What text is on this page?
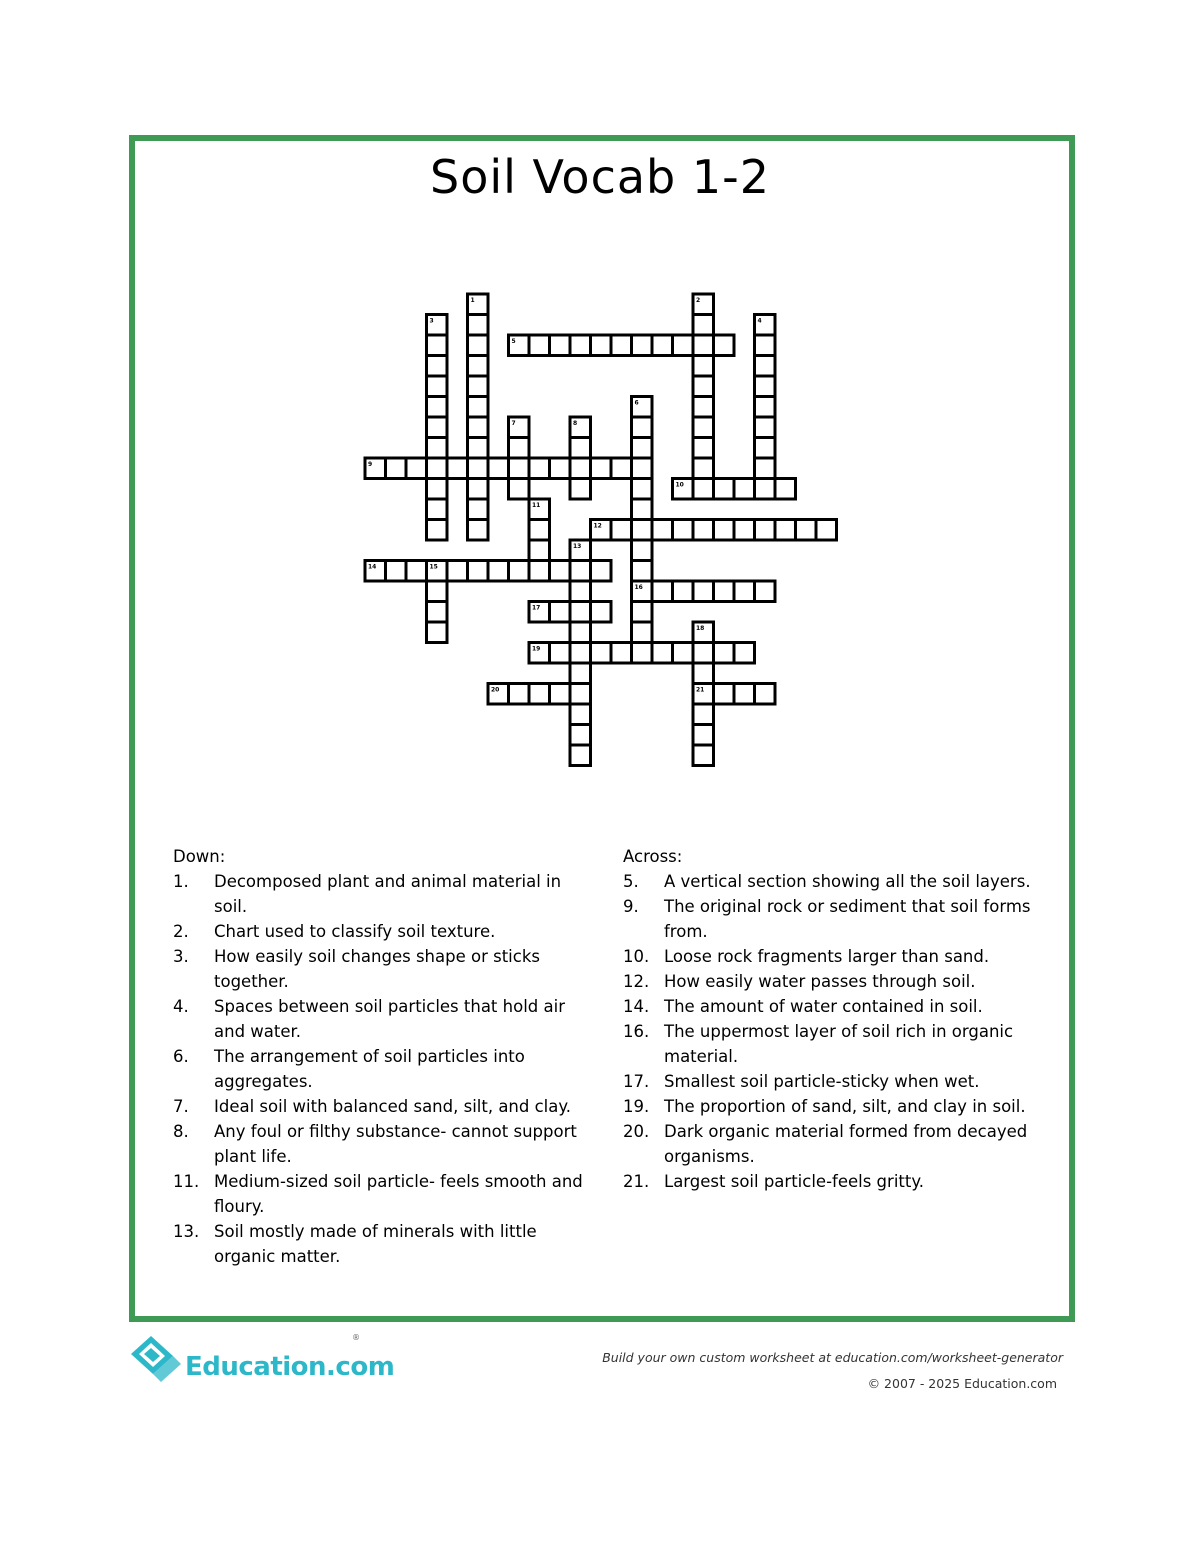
Soil Vocab 1-2
1	2
3	4
5
6
7	8
9
10
11
12
13
14	15
16
17
18
19
20	21
Down:
1.	Decomposed plant and animal material in soil.
2.	Chart used to classify soil texture.
3.	How easily soil changes shape or sticks together.
4.	Spaces between soil particles that hold air and water.
6.	The arrangement of soil particles into aggregates.
7.	Ideal soil with balanced sand, silt, and clay.
8.	Any foul or filthy substance- cannot support plant life.
11. Medium-sized soil particle- feels smooth and floury.
13. Soil mostly made of minerals with little organic matter.
Across:
5.	A vertical section showing all the soil layers.
9.	The original rock or sediment that soil forms from.
10. Loose rock fragments larger than sand.
12. How easily water passes through soil.
14. The amount of water contained in soil.
16. The uppermost layer of soil rich in organic material.
17. Smallest soil particle-sticky when wet.
19. The proportion of sand, silt, and clay in soil.
20. Dark organic material formed from decayed organisms.
21. Largest soil particle-feels gritty.
Education.com
®
Build your own custom worksheet at education.com/worksheet-generator
© 2007 - 2025 Education.com
